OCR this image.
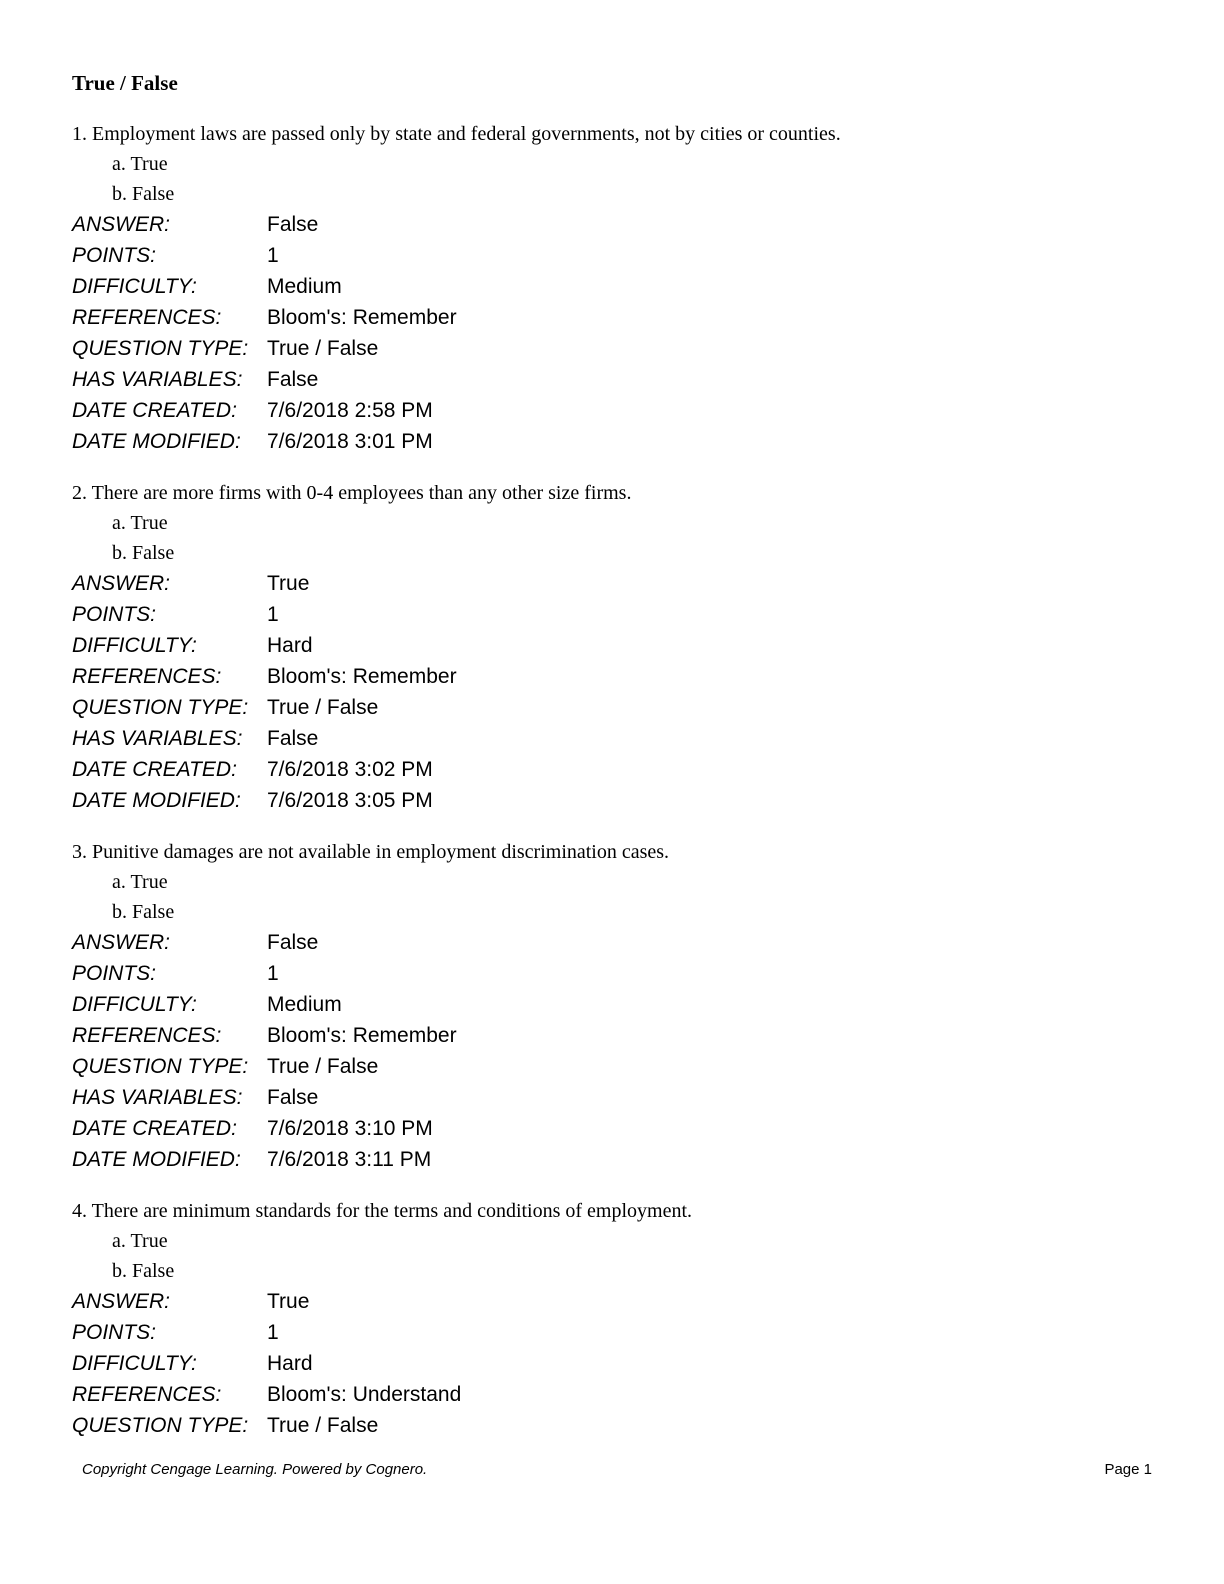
True / False
1. Employment laws are passed only by state and federal governments, not by cities or counties.
a. True
b. False
ANSWER:	False
POINTS:	1
DIFFICULTY:	Medium
REFERENCES:	Bloom's: Remember
QUESTION TYPE: True / False
HAS VARIABLES:	False
DATE CREATED:	7/6/2018 2:58 PM
DATE MODIFIED:	7/6/2018 3:01 PM
2. There are more firms with 0-4 employees than any other size firms.
a. True
b. False
ANSWER:	True
POINTS:	1
DIFFICULTY:	Hard
REFERENCES:	Bloom's: Remember
QUESTION TYPE: True / False
HAS VARIABLES:	False
DATE CREATED:	7/6/2018 3:02 PM
DATE MODIFIED:	7/6/2018 3:05 PM
3. Punitive damages are not available in employment discrimination cases.
a. True
b. False
ANSWER:	False
POINTS:	1
DIFFICULTY:	Medium
REFERENCES:	Bloom's: Remember
QUESTION TYPE: True / False
HAS VARIABLES:	False
DATE CREATED:	7/6/2018 3:10 PM
DATE MODIFIED:	7/6/2018 3:11 PM
4. There are minimum standards for the terms and conditions of employment.
a. True
b. False
ANSWER:	True
POINTS:	1
DIFFICULTY:	Hard
REFERENCES:	Bloom's: Understand
QUESTION TYPE: True / False
Copyright Cengage Learning. Powered by Cognero.	Page 1
